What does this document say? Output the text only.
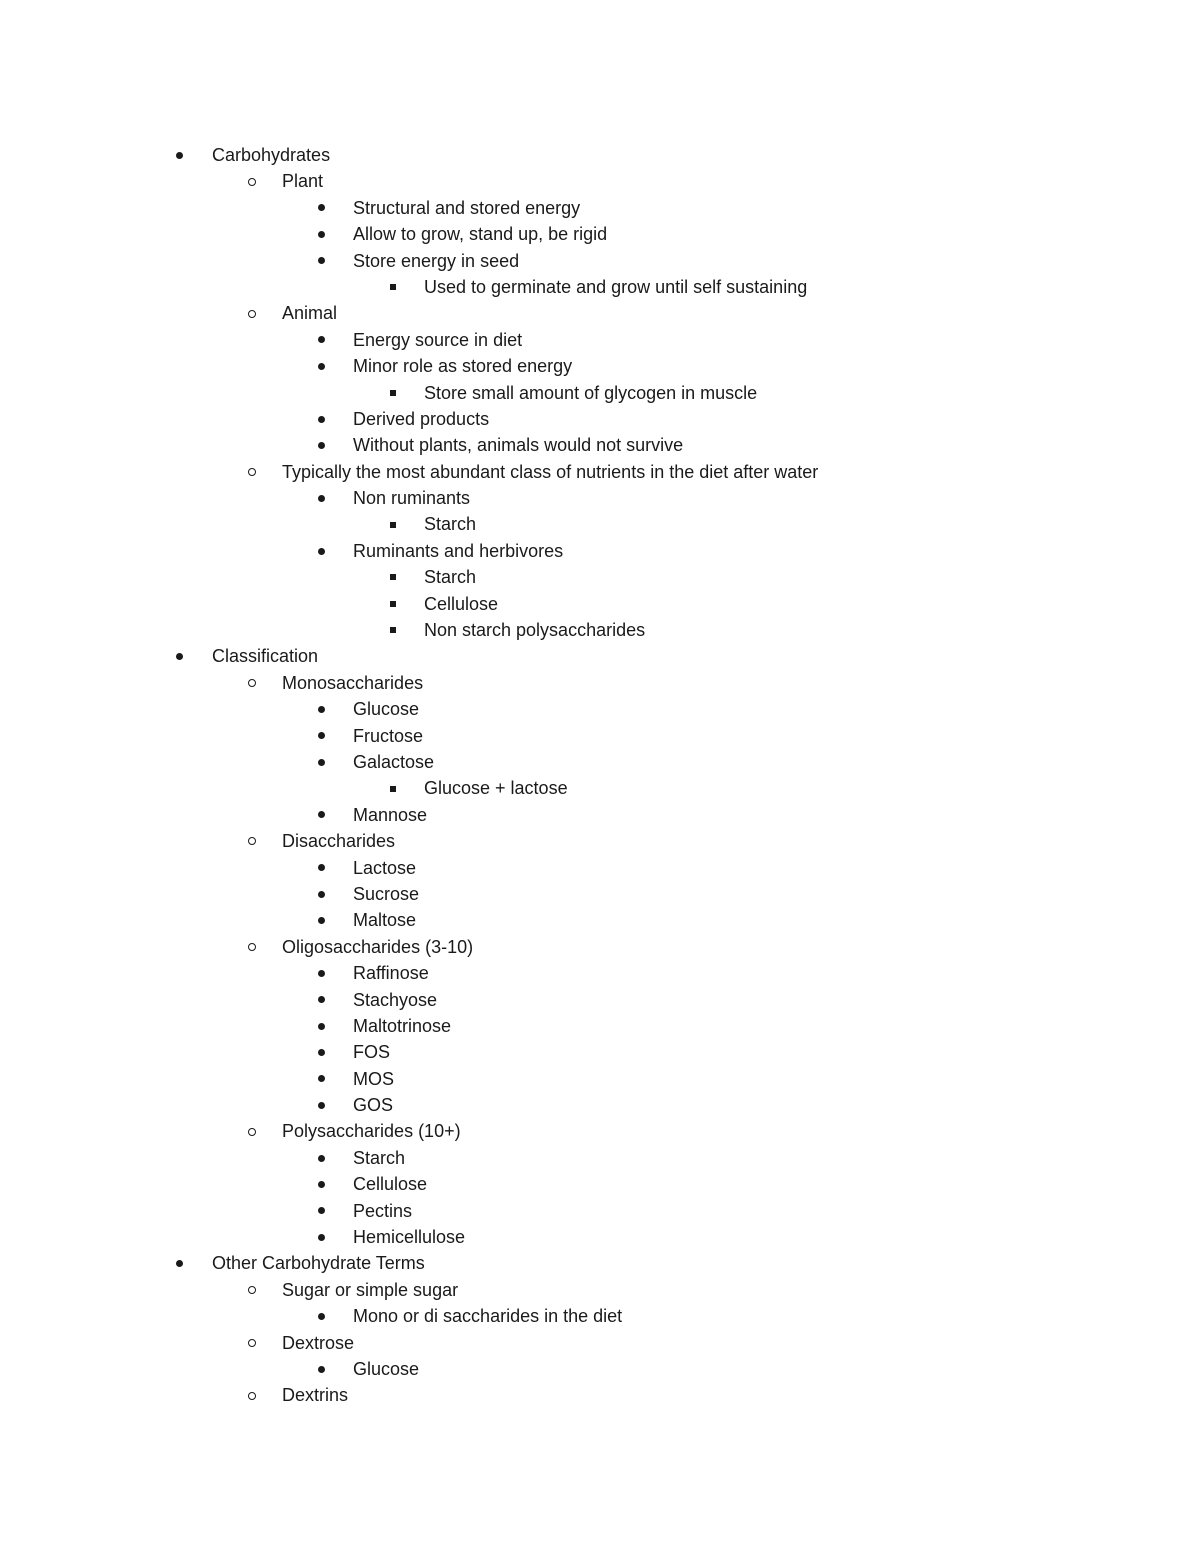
Carbohydrates
Plant
Structural and stored energy
Allow to grow, stand up, be rigid
Store energy in seed
Used to germinate and grow until self sustaining
Animal
Energy source in diet
Minor role as stored energy
Store small amount of glycogen in muscle
Derived products
Without plants, animals would not survive
Typically the most abundant class of nutrients in the diet after water
Non ruminants
Starch
Ruminants and herbivores
Starch
Cellulose
Non starch polysaccharides
Classification
Monosaccharides
Glucose
Fructose
Galactose
Glucose + lactose
Mannose
Disaccharides
Lactose
Sucrose
Maltose
Oligosaccharides (3-10)
Raffinose
Stachyose
Maltotrinose
FOS
MOS
GOS
Polysaccharides (10+)
Starch
Cellulose
Pectins
Hemicellulose
Other Carbohydrate Terms
Sugar or simple sugar
Mono or di saccharides in the diet
Dextrose
Glucose
Dextrins
